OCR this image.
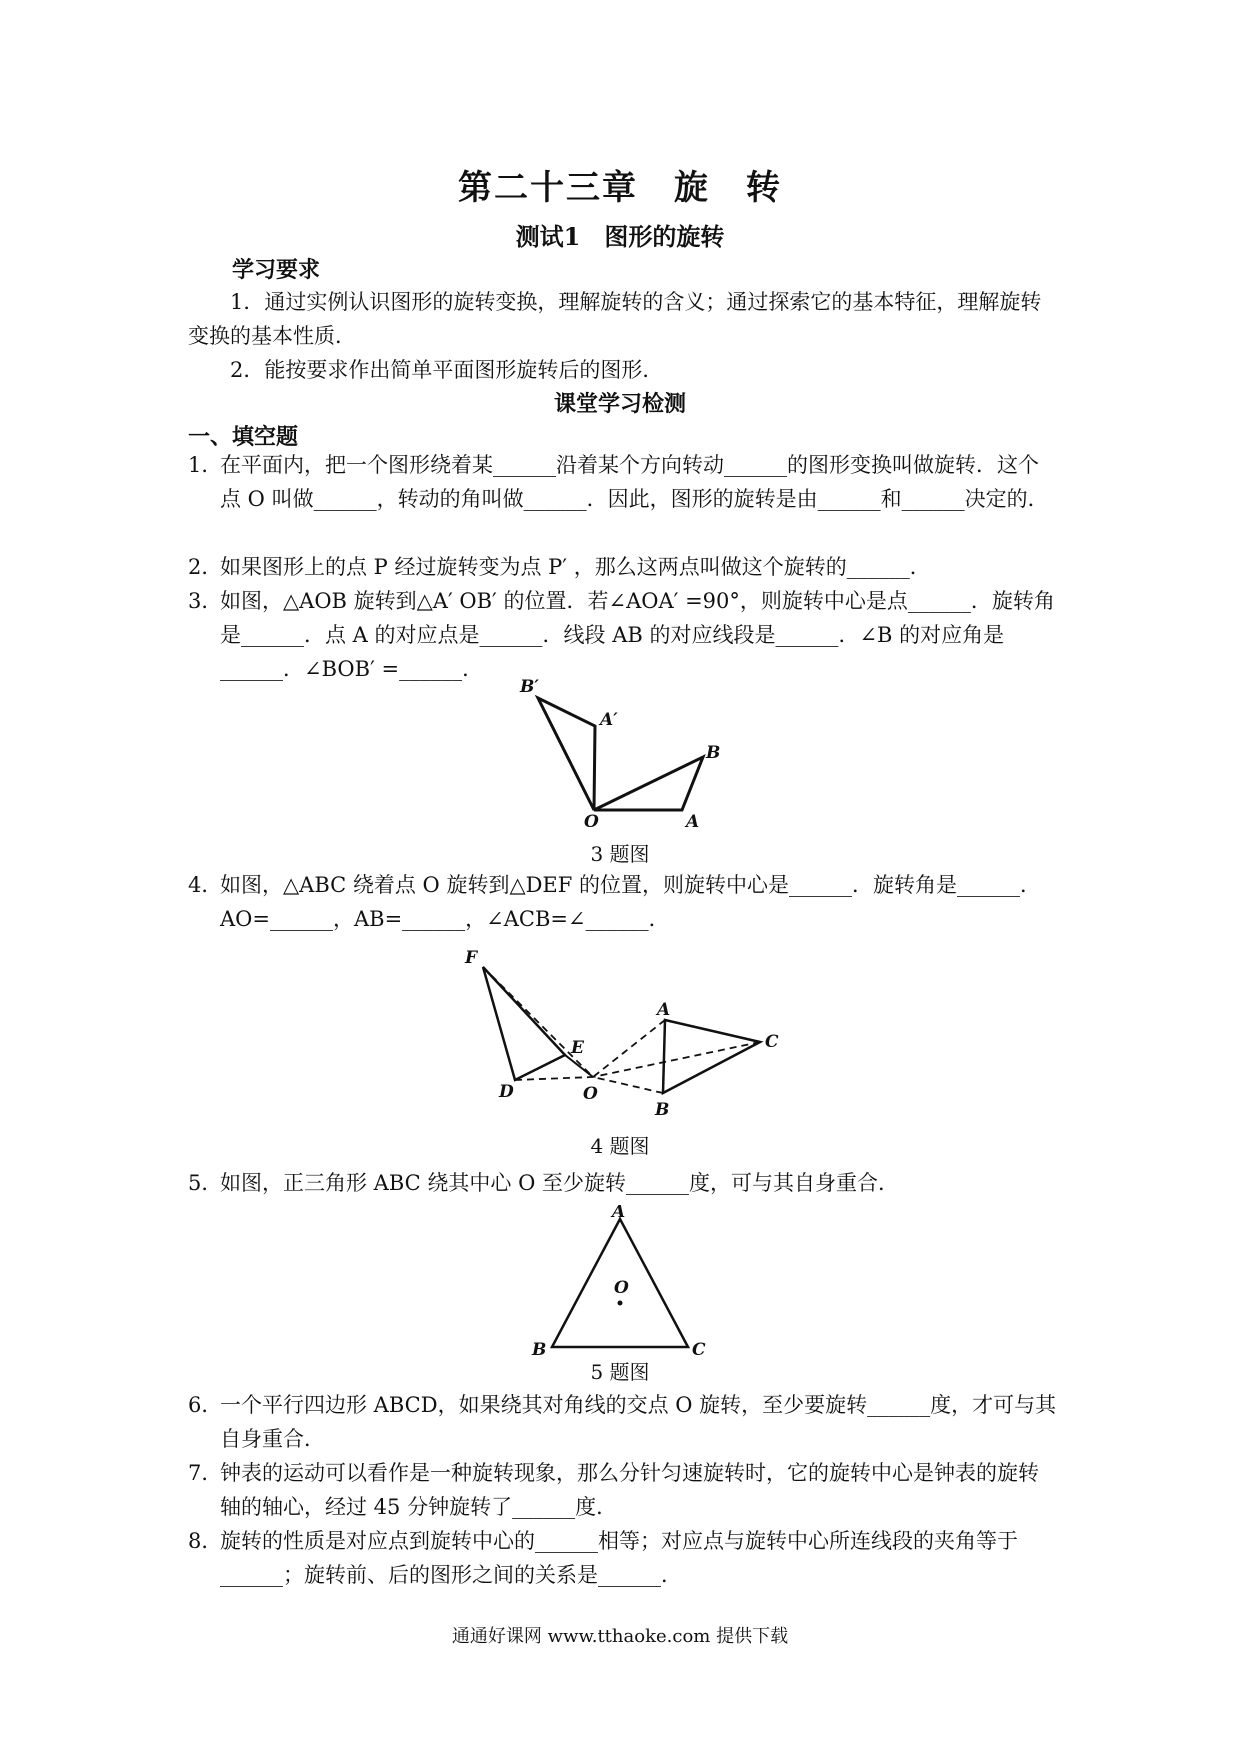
第二十三章　旋　转
测试1　图形的旋转
学习要求
1．通过实例认识图形的旋转变换，理解旋转的含义；通过探索它的基本特征，理解旋转变换的基本性质．
2．能按要求作出简单平面图形旋转后的图形．
课堂学习检测
一、填空题
1．
在平面内，把一个图形绕着某______沿着某个方向转动______的图形变换叫做旋转．这个点 O 叫做______，转动的角叫做______．因此，图形的旋转是由______和______决定的．
2．
如果图形上的点 P 经过旋转变为点 P′ ，那么这两点叫做这个旋转的______．
3．
如图，△AOB 旋转到△A′ OB′ 的位置．若∠AOA′ =90°，则旋转中心是点______．旋转角是______．点 A 的对应点是______．线段 AB 的对应线段是______．∠B 的对应角是______．∠BOB′ =______．
B′
A′
B
O	A
3 题图
4．
如图，△ABC 绕着点 O 旋转到△DEF 的位置，则旋转中心是______．旋转角是______．AO=______，AB=______，∠ACB=∠______．
F
E
D	O
A
B
C
4 题图
5．
如图，正三角形 ABC 绕其中心 O 至少旋转______度，可与其自身重合．
A
B	C
O
5 题图
6．
一个平行四边形 ABCD，如果绕其对角线的交点 O 旋转，至少要旋转______度，才可与其自身重合．
7．
钟表的运动可以看作是一种旋转现象，那么分针匀速旋转时，它的旋转中心是钟表的旋转轴的轴心，经过 45 分钟旋转了______度．
8．
旋转的性质是对应点到旋转中心的______相等；对应点与旋转中心所连线段的夹角等于______；旋转前、后的图形之间的关系是______．
通通好课网 www.tthaoke.com 提供下载
